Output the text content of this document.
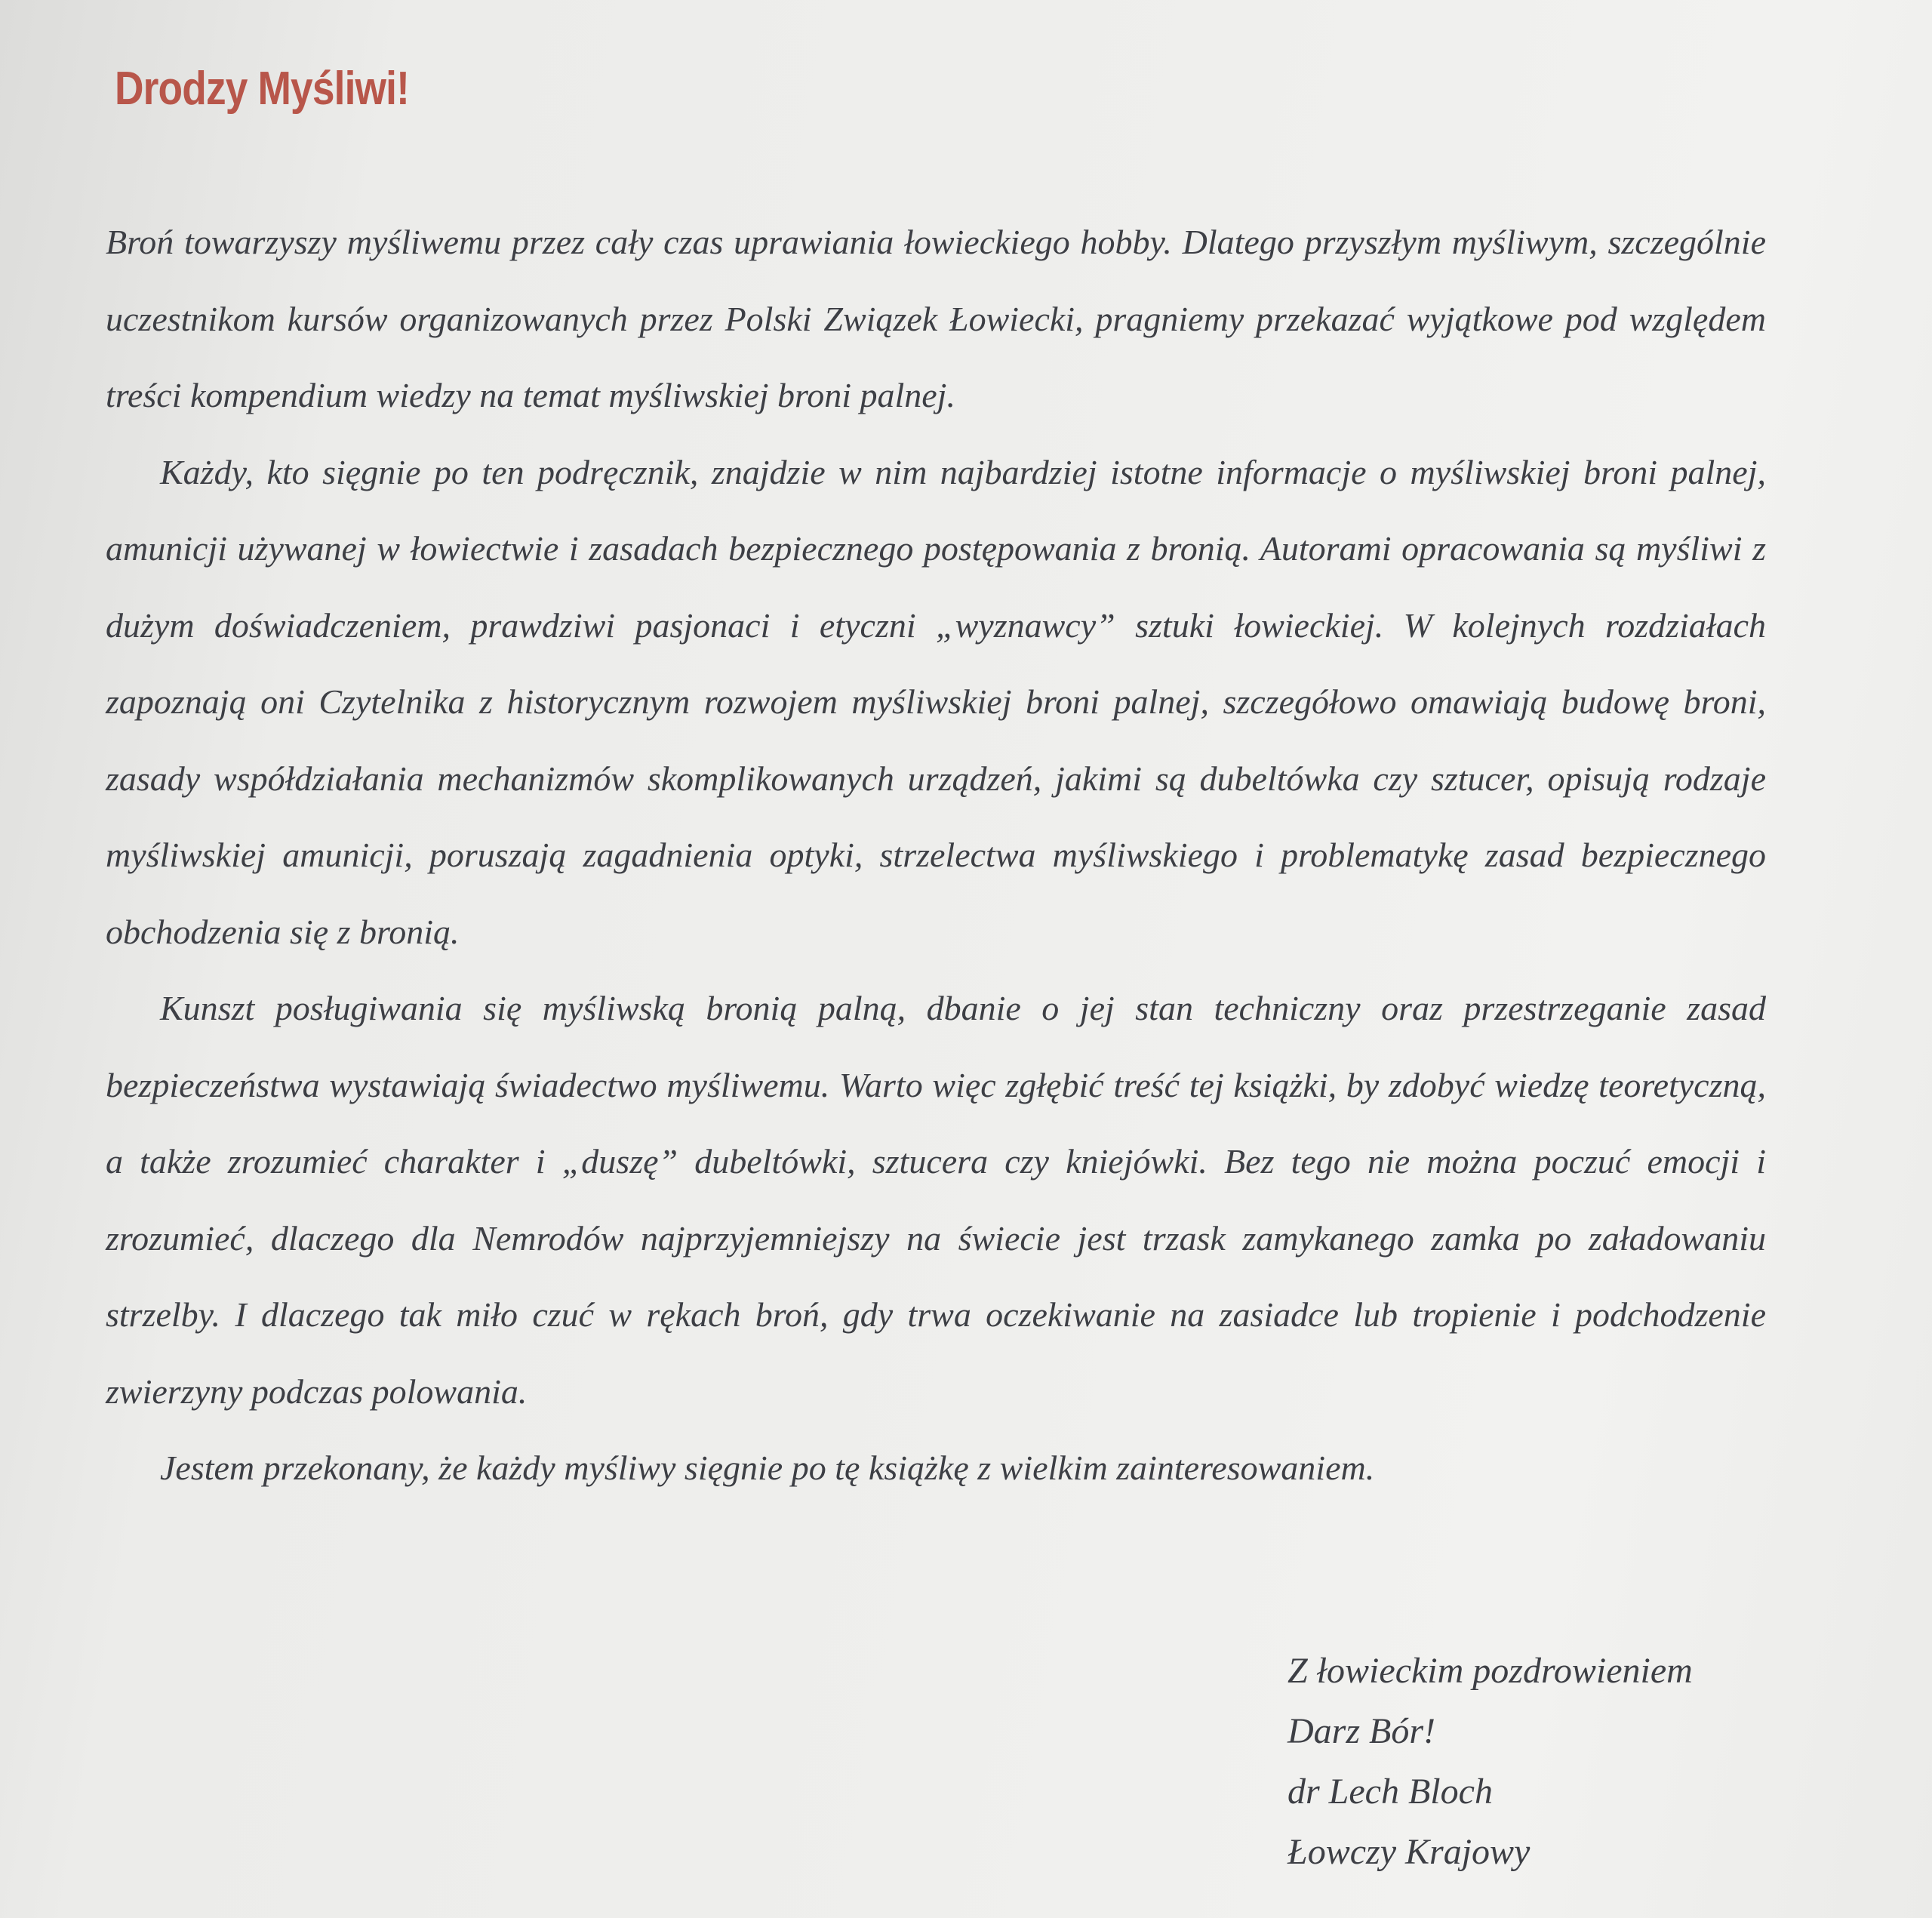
Drodzy Myśliwi!

Broń towarzyszy myśliwemu przez cały czas uprawiania łowieckiego hobby. Dlatego przyszłym myśliwym, szczególnie uczestnikom kursów organizowanych przez Polski Związek Łowiecki, pragniemy przekazać wyjątkowe pod względem treści kompendium wiedzy na temat myśliwskiej broni palnej.

Każdy, kto sięgnie po ten podręcznik, znajdzie w nim najbardziej istotne informacje o myśliwskiej broni palnej, amunicji używanej w łowiectwie i zasadach bezpiecznego postępowania z bronią. Autorami opracowania są myśliwi z dużym doświadczeniem, prawdziwi pasjonaci i etyczni „wyznawcy” sztuki łowieckiej. W kolejnych rozdziałach zapoznają oni Czytelnika z historycznym rozwojem myśliwskiej broni palnej, szczegółowo omawiają budowę broni, zasady współdziałania mechanizmów skomplikowanych urządzeń, jakimi są dubeltówka czy sztucer, opisują rodzaje myśliwskiej amunicji, poruszają zagadnienia optyki, strzelectwa myśliwskiego i problematykę zasad bezpiecznego obchodzenia się z bronią.

Kunszt posługiwania się myśliwską bronią palną, dbanie o jej stan techniczny oraz przestrzeganie zasad bezpieczeństwa wystawiają świadectwo myśliwemu. Warto więc zgłębić treść tej książki, by zdobyć wiedzę teoretyczną, a także zrozumieć charakter i „duszę” dubeltówki, sztucera czy kniejówki. Bez tego nie można poczuć emocji i zrozumieć, dlaczego dla Nemrodów najprzyjemniejszy na świecie jest trzask zamykanego zamka po załadowaniu strzelby. I dlaczego tak miło czuć w rękach broń, gdy trwa oczekiwanie na zasiadce lub tropienie i podchodzenie zwierzyny podczas polowania.

Jestem przekonany, że każdy myśliwy sięgnie po tę książkę z wielkim zainteresowaniem.

Z łowieckim pozdrowieniem
Darz Bór!
dr Lech Bloch
Łowczy Krajowy
